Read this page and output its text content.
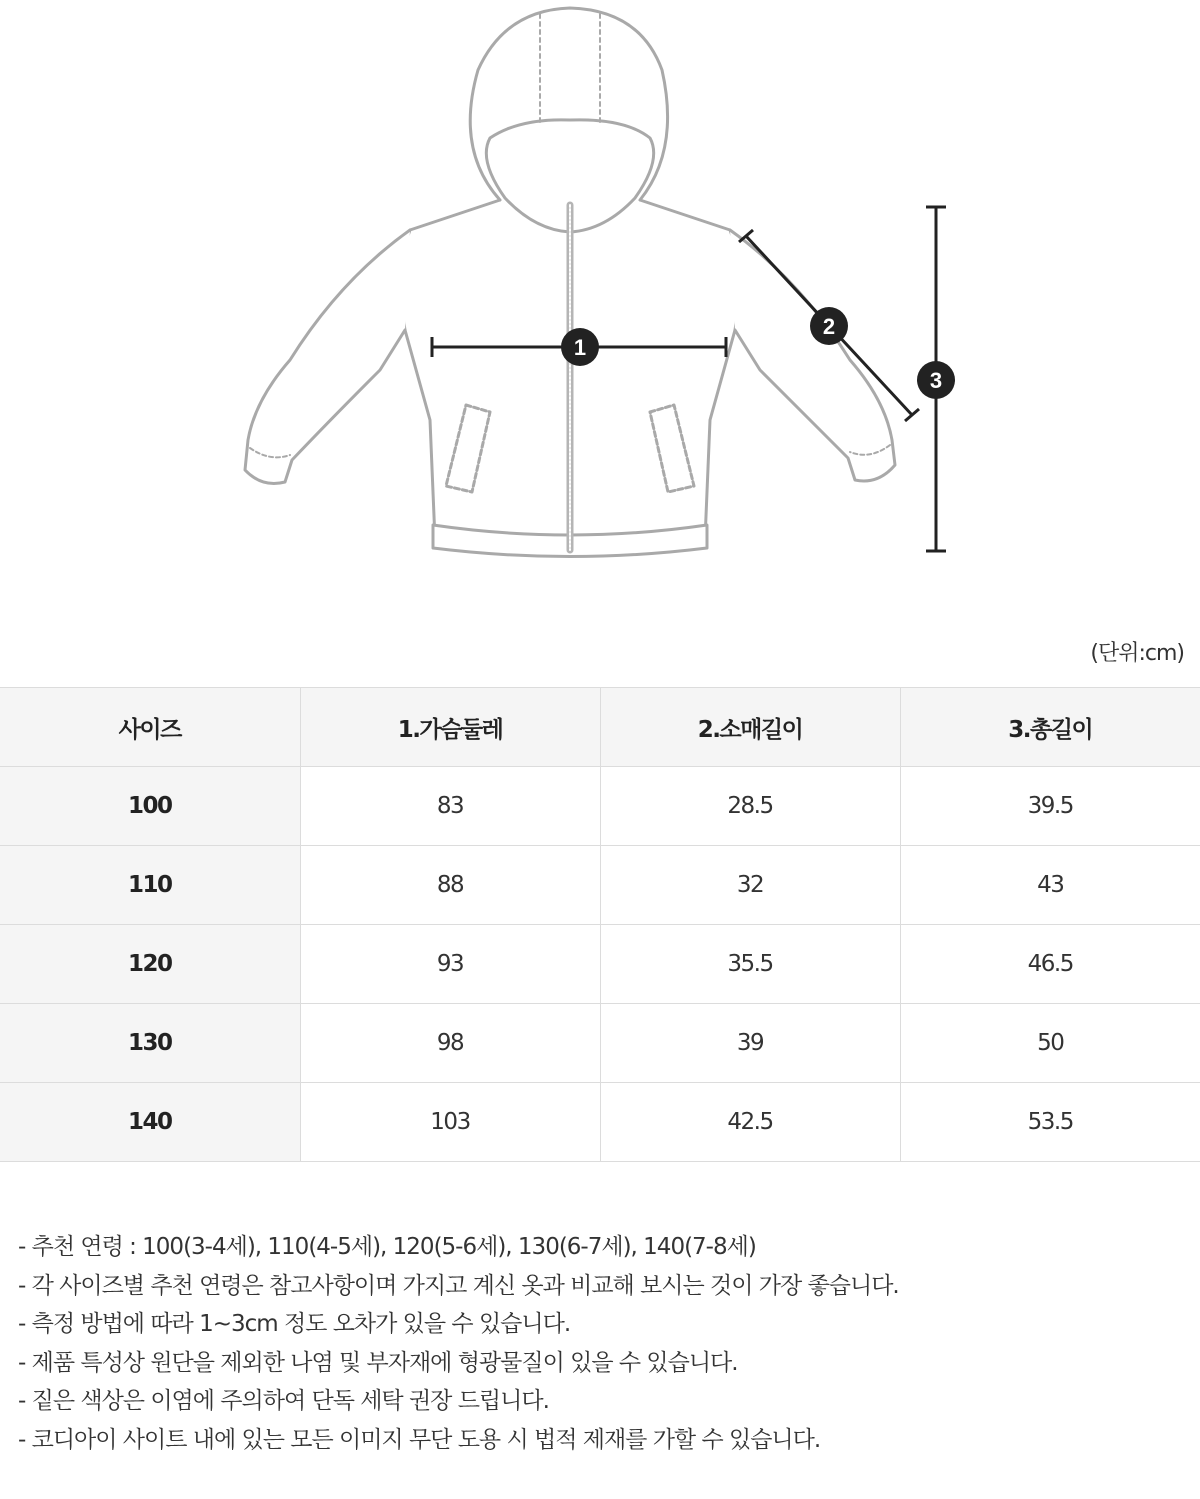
1
2
3
(단위:cm)
사이즈	1.가슴둘레	2.소매길이	3.총길이
100	83	28.5	39.5
110	88	32	43
120	93	35.5	46.5
130	98	39	50
140	103	42.5	53.5
- 추천 연령 : 100(3-4세), 110(4-5세), 120(5-6세), 130(6-7세), 140(7-8세)
- 각 사이즈별 추천 연령은 참고사항이며 가지고 계신 옷과 비교해 보시는 것이 가장 좋습니다.
- 측정 방법에 따라 1~3cm 정도 오차가 있을 수 있습니다.
- 제품 특성상 원단을 제외한 나염 및 부자재에 형광물질이 있을 수 있습니다.
- 짙은 색상은 이염에 주의하여 단독 세탁 권장 드립니다.
- 코디아이 사이트 내에 있는 모든 이미지 무단 도용 시 법적 제재를 가할 수 있습니다.
